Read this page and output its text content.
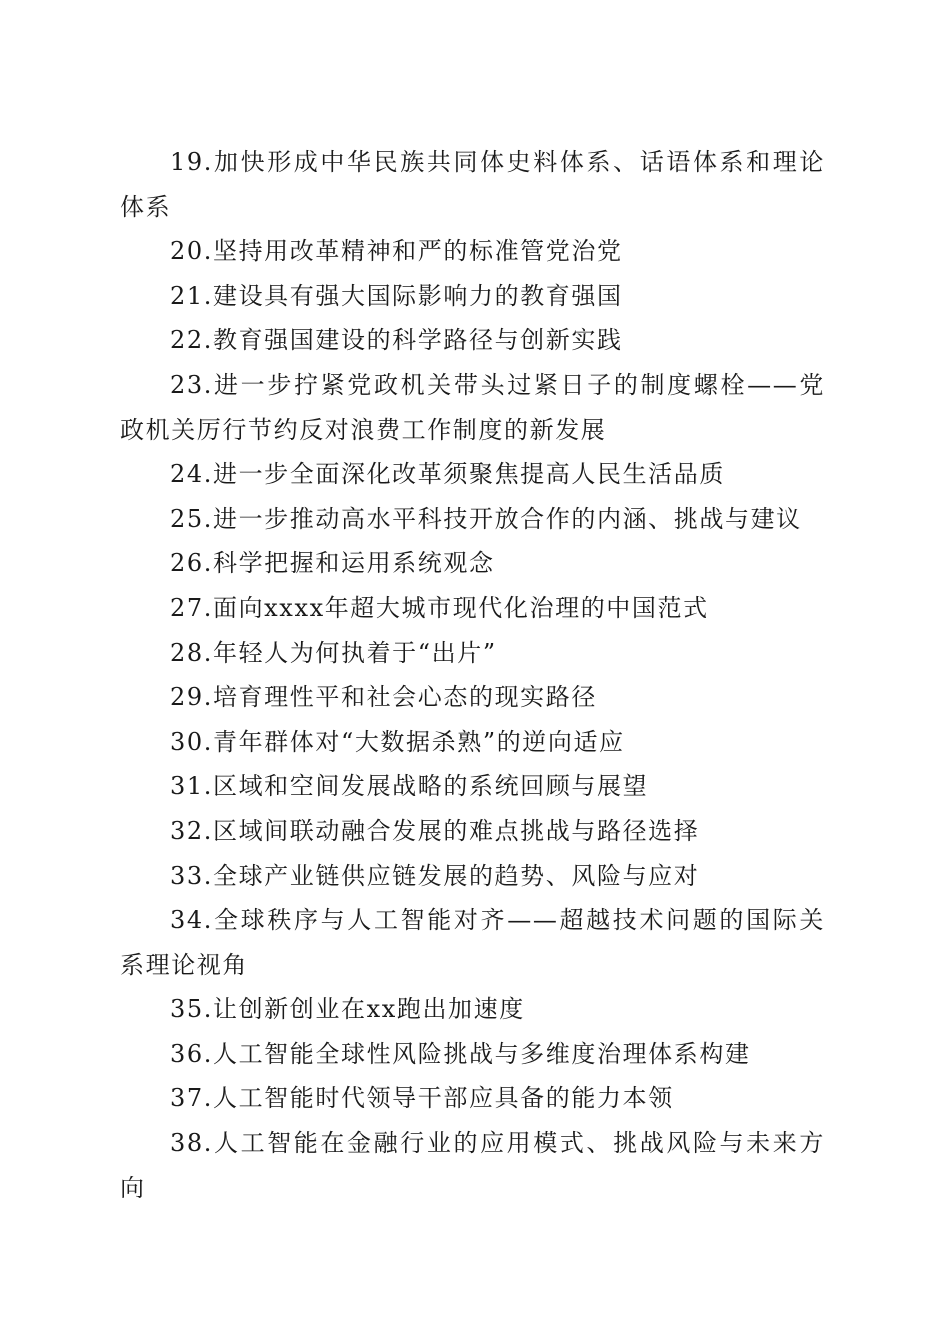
19.加快形成中华民族共同体史料体系、话语体系和理论体系

20.坚持用改革精神和严的标准管党治党

21.建设具有强大国际影响力的教育强国

22.教育强国建设的科学路径与创新实践

23.进一步拧紧党政机关带头过紧日子的制度螺栓——党政机关厉行节约反对浪费工作制度的新发展

24.进一步全面深化改革须聚焦提高人民生活品质

25.进一步推动高水平科技开放合作的内涵、挑战与建议

26.科学把握和运用系统观念

27.面向xxxx年超大城市现代化治理的中国范式

28.年轻人为何执着于“出片”

29.培育理性平和社会心态的现实路径

30.青年群体对“大数据杀熟”的逆向适应

31.区域和空间发展战略的系统回顾与展望

32.区域间联动融合发展的难点挑战与路径选择

33.全球产业链供应链发展的趋势、风险与应对

34.全球秩序与人工智能对齐——超越技术问题的国际关系理论视角

35.让创新创业在xx跑出加速度

36.人工智能全球性风险挑战与多维度治理体系构建

37.人工智能时代领导干部应具备的能力本领

38.人工智能在金融行业的应用模式、挑战风险与未来方向
